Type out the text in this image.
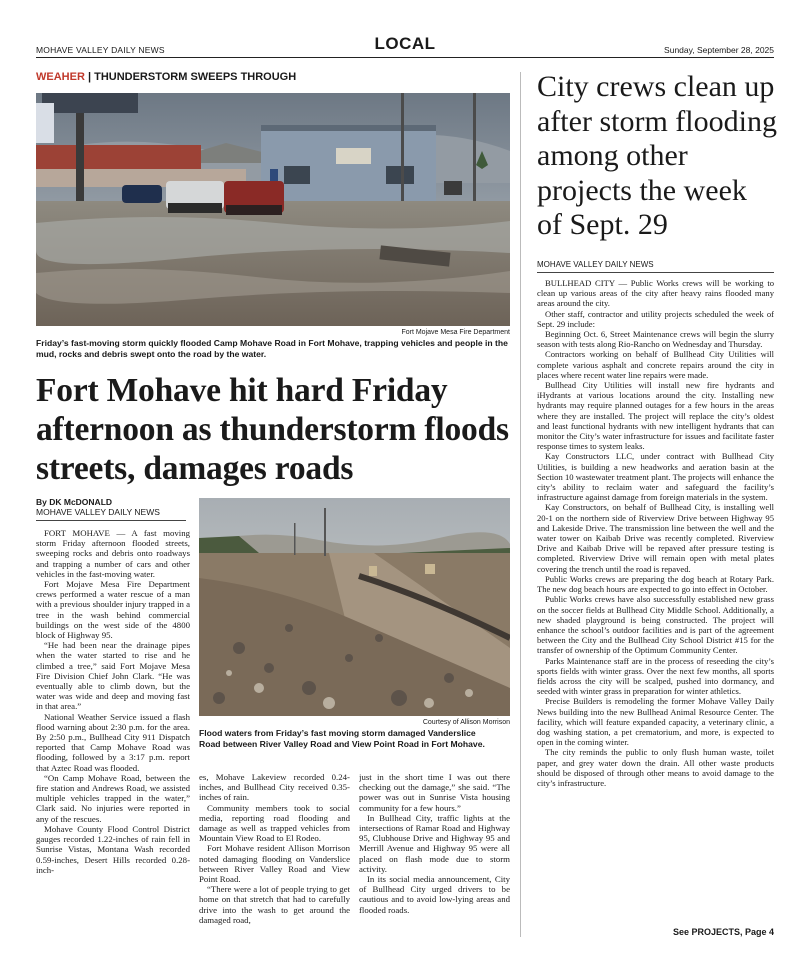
MOHAVE VALLEY DAILY NEWS	LOCAL	Sunday, September 28, 2025
WEAHER | THUNDERSTORM SWEEPS THROUGH
Fort Mojave Mesa Fire Department
Friday’s fast-moving storm quickly flooded Camp Mohave Road in Fort Mohave, trapping vehicles and people in the mud, rocks and debris swept onto the road by the water.
Fort Mohave hit hard Friday afternoon as thunderstorm floods streets, damages roads
By DK McDONALD
MOHAVE VALLEY DAILY NEWS

FORT MOHAVE — A fast moving storm Friday afternoon flooded streets, sweeping rocks and debris onto roadways and trapping a number of cars and other vehicles in the fast-moving water.

Fort Mojave Mesa Fire Department crews performed a water rescue of a man with a previous shoulder injury trapped in a tree in the wash behind commercial buildings on the west side of the 4800 block of Highway 95.

“He had been near the drainage pipes when the water started to rise and he climbed a tree,” said Fort Mojave Mesa Fire Division Chief John Clark. “He was eventually able to climb down, but the water was wide and deep and moving fast in that area.”

National Weather Service issued a flash flood warning about 2:30 p.m. for the area. By 2:50 p.m., Bullhead City 911 Dispatch reported that Camp Mohave Road was flooding, followed by a 3:17 p.m. report that Aztec Road was flooded.

“On Camp Mohave Road, between the fire station and Andrews Road, we assisted multiple vehicles trapped in the water,” Clark said. No injuries were reported in any of the rescues.

Mohave County Flood Control District gauges recorded 1.22-inches of rain fell in Sunrise Vistas, Montana Wash recorded 0.59-inches, Desert Hills recorded 0.28-inch-

Courtesy of Allison Morrison
Flood waters from Friday’s fast moving storm damaged Vanderslice Road between River Valley Road and View Point Road in Fort Mohave.

es, Mohave Lakeview recorded 0.24-inches, and Bullhead City received 0.35-inches of rain.

Community members took to social media, reporting road flooding and damage as well as trapped vehicles from Mountain View Road to El Rodeo.

Fort Mohave resident Allison Morrison noted damaging flooding on Vanderslice between River Valley Road and View Point Road.

“There were a lot of people trying to get home on that stretch that had to carefully drive into the wash to get around the damaged road,

just in the short time I was out there checking out the damage,” she said. “The power was out in Sunrise Vista housing community for a few hours.”

In Bullhead City, traffic lights at the intersections of Ramar Road and Highway 95, Clubhouse Drive and Highway 95 and Merrill Avenue and Highway 95 were all placed on flash mode due to storm activity.

In its social media announcement, City of Bullhead City urged drivers to be cautious and to avoid low-lying areas and flooded roads.

City crews clean up after storm flooding among other projects the week of Sept. 29
MOHAVE VALLEY DAILY NEWS

BULLHEAD CITY — Public Works crews will be working to clean up various areas of the city after heavy rains flooded many areas around the city.

Other staff, contractor and utility projects scheduled the week of Sept. 29 include:

Beginning Oct. 6, Street Maintenance crews will begin the slurry season with tests along Rio-Rancho on Wednesday and Thursday.

Contractors working on behalf of Bullhead City Utilities will complete various asphalt and concrete repairs around the city in places where recent water line repairs were made.

Bullhead City Utilities will install new fire hydrants and iHydrants at various locations around the city. Installing new hydrants may require planned outages for a few hours in the areas where they are installed. The project will replace the city’s oldest and least functional hydrants with new intelligent hydrants that can monitor the City’s water infrastructure for issues and facilitate faster response times to system leaks.

Kay Constructors LLC, under contract with Bullhead City Utilities, is building a new headworks and aeration basin at the Section 10 wastewater treatment plant. The projects will enhance the city’s ability to reclaim water and safeguard the facility’s infrastructure against damage from foreign materials in the system.

Kay Constructors, on behalf of Bullhead City, is installing well 20-1 on the northern side of Riverview Drive between Highway 95 and Lakeside Drive. The transmission line between the well and the water tower on Kaibab Drive was recently completed. Riverview Drive and Kaibab Drive will be repaved after pressure testing is completed. Riverview Drive will remain open with metal plates covering the trench until the road is repaved.

Public Works crews are preparing the dog beach at Rotary Park. The new dog beach hours are expected to go into effect in October.

Public Works crews have also successfully established new grass on the soccer fields at Bullhead City Middle School. Additionally, a new shaded playground is being constructed. The project will enhance the school’s outdoor facilities and is part of the agreement between the City and the Bullhead City School District #15 for the transfer of ownership of the Optimum Community Center.

Parks Maintenance staff are in the process of reseeding the city’s sports fields with winter grass. Over the next few months, all sports fields across the city will be scalped, pushed into dormancy, and seeded with winter grass in preparation for winter athletics.

Precise Builders is remodeling the former Mohave Valley Daily News building into the new Bullhead Animal Resource Center. The facility, which will feature expanded capacity, a veterinary clinic, a dog washing station, a pet crematorium, and more, is expected to open in the coming winter.

The city reminds the public to only flush human waste, toilet paper, and grey water down the drain. All other waste products should be disposed of through other means to avoid damage to the city’s infrastructure.

See PROJECTS, Page 4
